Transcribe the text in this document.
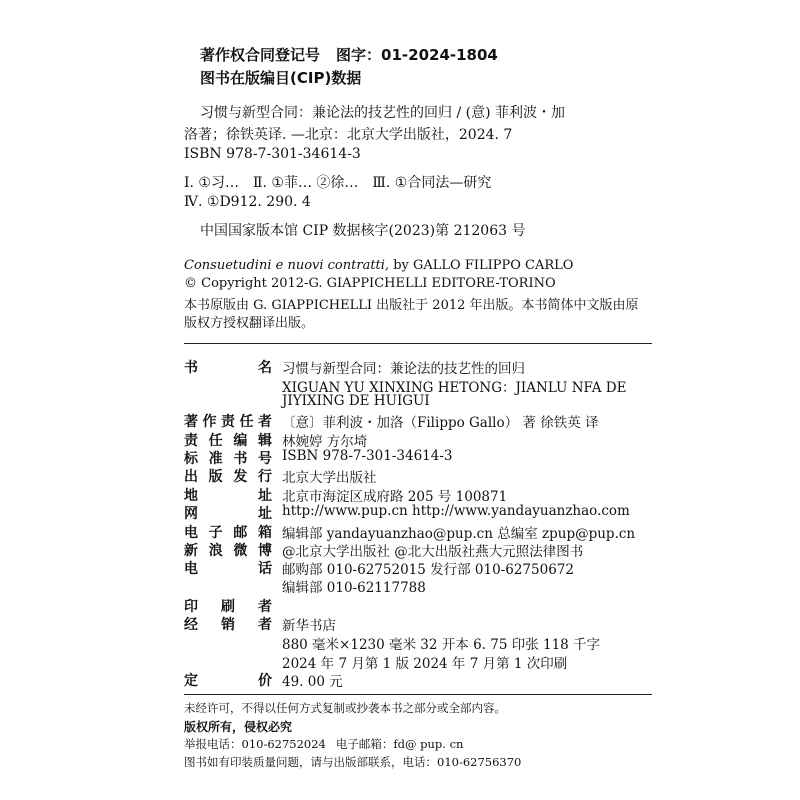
著作权合同登记号 图字：01-2024-1804
图书在版编目(CIP)数据
习惯与新型合同：兼论法的技艺性的回归 / (意) 菲利波・加
洛著；徐铁英译. —北京：北京大学出版社，2024. 7
ISBN 978-7-301-34614-3
Ⅰ. ①习… Ⅱ. ①菲… ②徐… Ⅲ. ①合同法—研究
Ⅳ. ①D912. 290. 4
中国国家版本馆 CIP 数据核字(2023)第 212063 号
Consuetudini e nuovi contratti, by GALLO FILIPPO CARLO
© Copyright 2012-G. GIAPPICHELLI EDITORE-TORINO
本书原版由 G. GIAPPICHELLI 出版社于 2012 年出版。本书简体中文版由原
版权方授权翻译出版。
书	名 习惯与新型合同：兼论法的技艺性的回归
XIGUAN YU XINXING HETONG：JIANLU NFA DE
JIYIXING DE HUIGUI
著 作 责 任 者 〔意〕菲利波・加洛（Filippo Gallo） 著 徐铁英 译
责 任 编 辑 林婉婷 方尔埼
标 准 书 号 ISBN 978-7-301-34614-3
出 版 发 行 北京大学出版社
地	址 北京市海淀区成府路 205 号 100871
网	址 http://www.pup.cn http://www.yandayuanzhao.com
电 子 邮 箱 编辑部 yandayuanzhao@pup.cn 总编室 zpup@pup.cn
新 浪 微 博 @北京大学出版社 @北大出版社燕大元照法律图书
电	话 邮购部 010-62752015 发行部 010-62750672
编辑部 010-62117788
印 刷 者
经 销 者 新华书店
880 毫米×1230 毫米 32 开本 6. 75 印张 118 千字
2024 年 7 月第 1 版 2024 年 7 月第 1 次印刷
定	价 49. 00 元
未经许可，不得以任何方式复制或抄袭本书之部分或全部内容。
版权所有，侵权必究
举报电话：010-62752024 电子邮箱：fd@ pup. cn
图书如有印装质量问题，请与出版部联系，电话：010-62756370
